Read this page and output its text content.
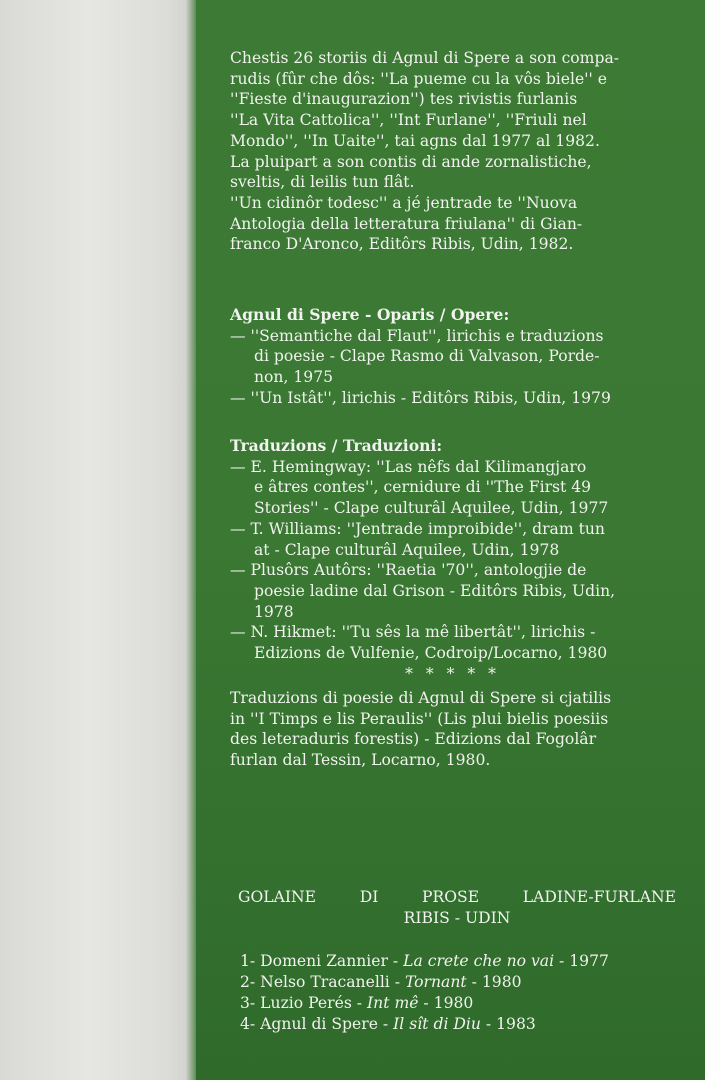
Chestis 26 storiis di Agnul di Spere a son compa-
rudis (fûr che dôs: ''La pueme cu la vôs biele'' e
''Fieste d'inaugurazion'') tes rivistis furlanis
''La Vita Cattolica'', ''Int Furlane'', ''Friuli nel
Mondo'', ''In Uaite'', tai agns dal 1977 al 1982.
La pluipart a son contis di ande zornalistiche,
sveltis, di leilis tun flât.
''Un cidinôr todesc'' a jé jentrade te ''Nuova
Antologia della letteratura friulana'' di Gian-
franco D'Aronco, Editôrs Ribis, Udin, 1982.
Agnul di Spere - Oparis / Opere:
— ''Semantiche dal Flaut'', lirichis e traduzions
di poesie - Clape Rasmo di Valvason, Porde-
non, 1975
— ''Un Istât'', lirichis - Editôrs Ribis, Udin, 1979
Traduzions / Traduzioni:
— E. Hemingway: ''Las nêfs dal Kilimangjaro
e âtres contes'', cernidure di ''The First 49
Stories'' - Clape culturâl Aquilee, Udin, 1977
— T. Williams: ''Jentrade improibide'', dram tun
at - Clape culturâl Aquilee, Udin, 1978
— Plusôrs Autôrs: ''Raetia '70'', antologjie de
poesie ladine dal Grison - Editôrs Ribis, Udin,
1978
— N. Hikmet: ''Tu sês la mê libertât'', lirichis -
Edizions de Vulfenie, Codroip/Locarno, 1980
* * * * *
Traduzions di poesie di Agnul di Spere si cjatilis
in ''I Timps e lis Peraulis'' (Lis plui bielis poesiis
des leteraduris forestis) - Edizions dal Fogolâr
furlan dal Tessin, Locarno, 1980.
GOLAINE DI PROSE LADINE-FURLANE
RIBIS - UDIN
1- Domeni Zannier - La crete che no vai - 1977
2- Nelso Tracanelli - Tornant - 1980
3- Luzio Perés - Int mê - 1980
4- Agnul di Spere - Il sît di Diu - 1983
